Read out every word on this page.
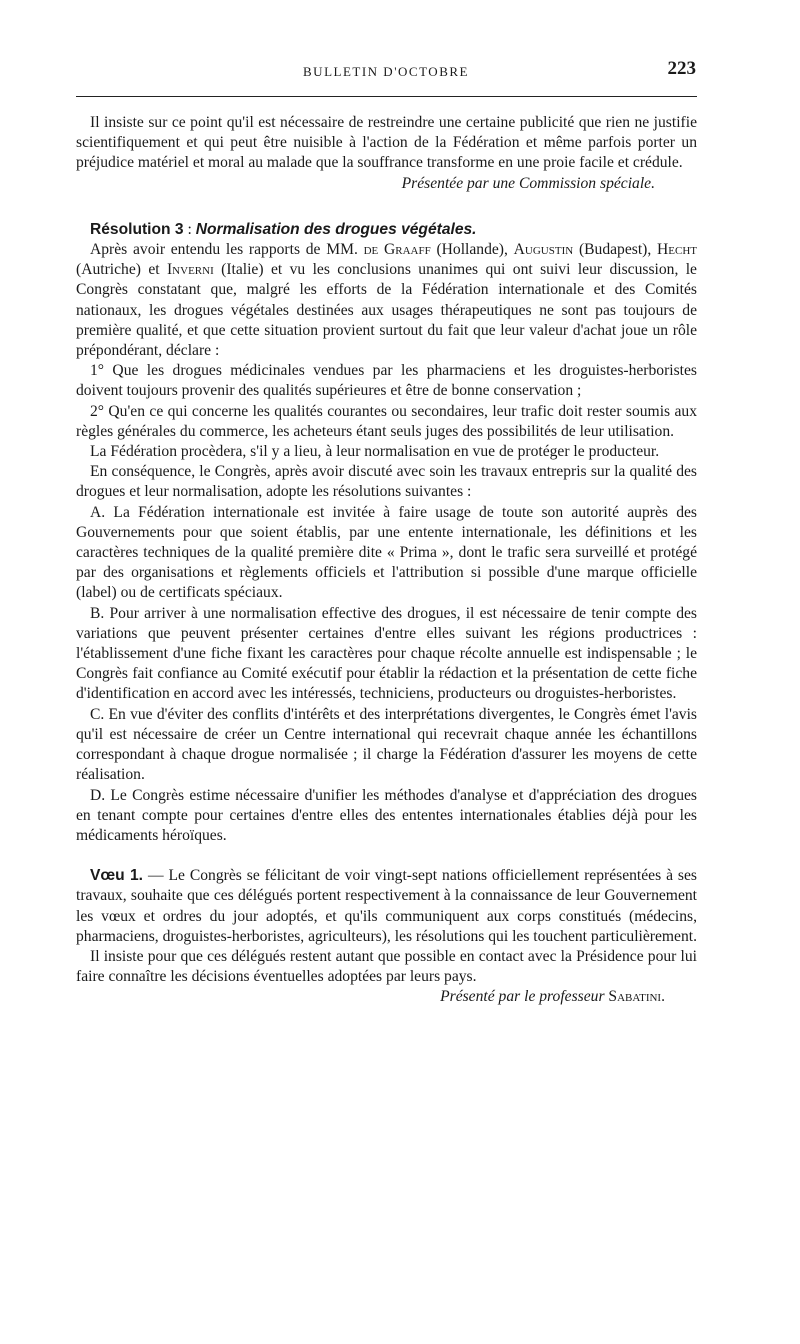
BULLETIN D'OCTOBRE	223

Il insiste sur ce point qu'il est nécessaire de restreindre une certaine publicité que rien ne justifie scientifiquement et qui peut être nuisible à l'action de la Fédération et même parfois porter un préjudice matériel et moral au malade que la souffrance transforme en une proie facile et crédule.

Présentée par une Commission spéciale.

Résolution 3 : Normalisation des drogues végétales.

Après avoir entendu les rapports de MM. de Graaff (Hollande), Augustin (Budapest), Hecht (Autriche) et Inverni (Italie) et vu les conclusions unanimes qui ont suivi leur discussion, le Congrès constatant que, malgré les efforts de la Fédération internationale et des Comités nationaux, les drogues végétales destinées aux usages thérapeutiques ne sont pas toujours de première qualité, et que cette situation provient surtout du fait que leur valeur d'achat joue un rôle prépondérant, déclare :

1° Que les drogues médicinales vendues par les pharmaciens et les droguistes-herboristes doivent toujours provenir des qualités supérieures et être de bonne conservation ;

2° Qu'en ce qui concerne les qualités courantes ou secondaires, leur trafic doit rester soumis aux règles générales du commerce, les acheteurs étant seuls juges des possibilités de leur utilisation.

La Fédération procèdera, s'il y a lieu, à leur normalisation en vue de protéger le producteur.

En conséquence, le Congrès, après avoir discuté avec soin les travaux entrepris sur la qualité des drogues et leur normalisation, adopte les résolutions suivantes :

A. La Fédération internationale est invitée à faire usage de toute son autorité auprès des Gouvernements pour que soient établis, par une entente internationale, les définitions et les caractères techniques de la qualité première dite « Prima », dont le trafic sera surveillé et protégé par des organisations et règlements officiels et l'attribution si possible d'une marque officielle (label) ou de certificats spéciaux.

B. Pour arriver à une normalisation effective des drogues, il est nécessaire de tenir compte des variations que peuvent présenter certaines d'entre elles suivant les régions productrices : l'établissement d'une fiche fixant les caractères pour chaque récolte annuelle est indispensable ; le Congrès fait confiance au Comité exécutif pour établir la rédaction et la présentation de cette fiche d'identification en accord avec les intéressés, techniciens, producteurs ou droguistes-herboristes.

C. En vue d'éviter des conflits d'intérêts et des interprétations divergentes, le Congrès émet l'avis qu'il est nécessaire de créer un Centre international qui recevrait chaque année les échantillons correspondant à chaque drogue normalisée ; il charge la Fédération d'assurer les moyens de cette réalisation.

D. Le Congrès estime nécessaire d'unifier les méthodes d'analyse et d'appréciation des drogues en tenant compte pour certaines d'entre elles des ententes internationales établies déjà pour les médicaments héroïques.

Vœu 1. — Le Congrès se félicitant de voir vingt-sept nations officiellement représentées à ses travaux, souhaite que ces délégués portent respectivement à la connaissance de leur Gouvernement les vœux et ordres du jour adoptés, et qu'ils communiquent aux corps constitués (médecins, pharmaciens, droguistes-herboristes, agriculteurs), les résolutions qui les touchent particulièrement.

Il insiste pour que ces délégués restent autant que possible en contact avec la Présidence pour lui faire connaître les décisions éventuelles adoptées par leurs pays.

Présenté par le professeur Sabatini.
